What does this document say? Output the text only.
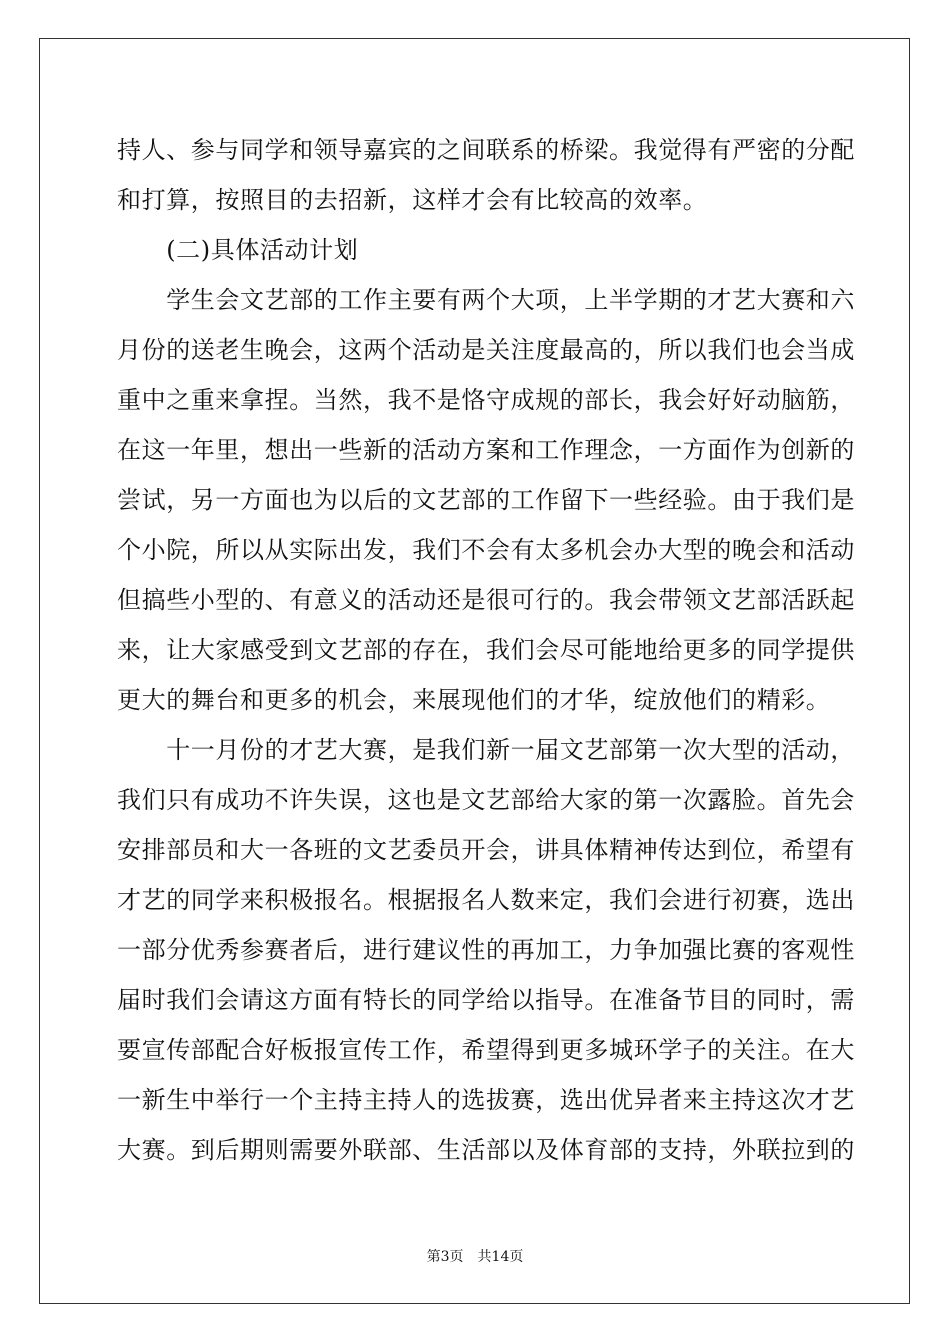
持人、参与同学和领导嘉宾的之间联系的桥梁。我觉得有严密的分配
和打算，按照目的去招新，这样才会有比较高的效率。
　　(二)具体活动计划
　　学生会文艺部的工作主要有两个大项，上半学期的才艺大赛和六
月份的送老生晚会，这两个活动是关注度最高的，所以我们也会当成
重中之重来拿捏。当然，我不是恪守成规的部长，我会好好动脑筋，
在这一年里，想出一些新的活动方案和工作理念，一方面作为创新的
尝试，另一方面也为以后的文艺部的工作留下一些经验。由于我们是
个小院，所以从实际出发，我们不会有太多机会办大型的晚会和活动
但搞些小型的、有意义的活动还是很可行的。我会带领文艺部活跃起
来，让大家感受到文艺部的存在，我们会尽可能地给更多的同学提供
更大的舞台和更多的机会，来展现他们的才华，绽放他们的精彩。
　　十一月份的才艺大赛，是我们新一届文艺部第一次大型的活动，
我们只有成功不许失误，这也是文艺部给大家的第一次露脸。首先会
安排部员和大一各班的文艺委员开会，讲具体精神传达到位，希望有
才艺的同学来积极报名。根据报名人数来定，我们会进行初赛，选出
一部分优秀参赛者后，进行建议性的再加工，力争加强比赛的客观性
届时我们会请这方面有特长的同学给以指导。在准备节目的同时，需
要宣传部配合好板报宣传工作，希望得到更多城环学子的关注。在大
一新生中举行一个主持主持人的选拔赛，选出优异者来主持这次才艺
大赛。到后期则需要外联部、生活部以及体育部的支持，外联拉到的
第3页　共14页
